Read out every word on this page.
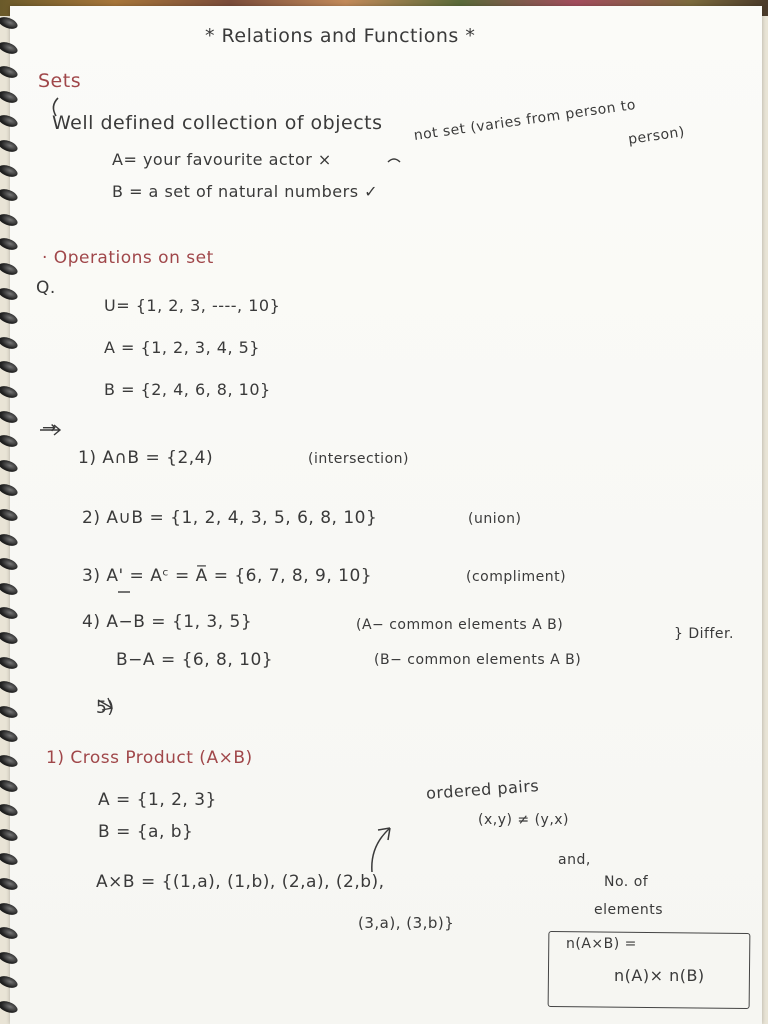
* Relations and Functions *
Sets
Well defined collection of objects
A= your favourite actor ×
not set (varies from person to
person)
B = a set of natural numbers ✓
· Operations on set
Q.
U= {1, 2, 3, ----, 10}
A = {1, 2, 3, 4, 5}
B = {2, 4, 6, 8, 10}
→
1) A∩B = {2,4)	(intersection)
2) A∪B = {1, 2, 4, 3, 5, 6, 8, 10}	(union)
3) A' = Aᶜ = A̅ = {6, 7, 8, 9, 10}	(compliment)
4) A−B = {1, 3, 5}	(A− common elements A B)
B−A = {6, 8, 10}	(B− common elements A B)
} Differ.
5)
1) Cross Product (A×B)
A = {1, 2, 3}
B = {a, b}
A×B = {(1,a), (1,b), (2,a), (2,b),
(3,a), (3,b)}
ordered pairs
(x,y) ≠ (y,x)
and,
No. of
elements
n(A×B) =
n(A)× n(B)
